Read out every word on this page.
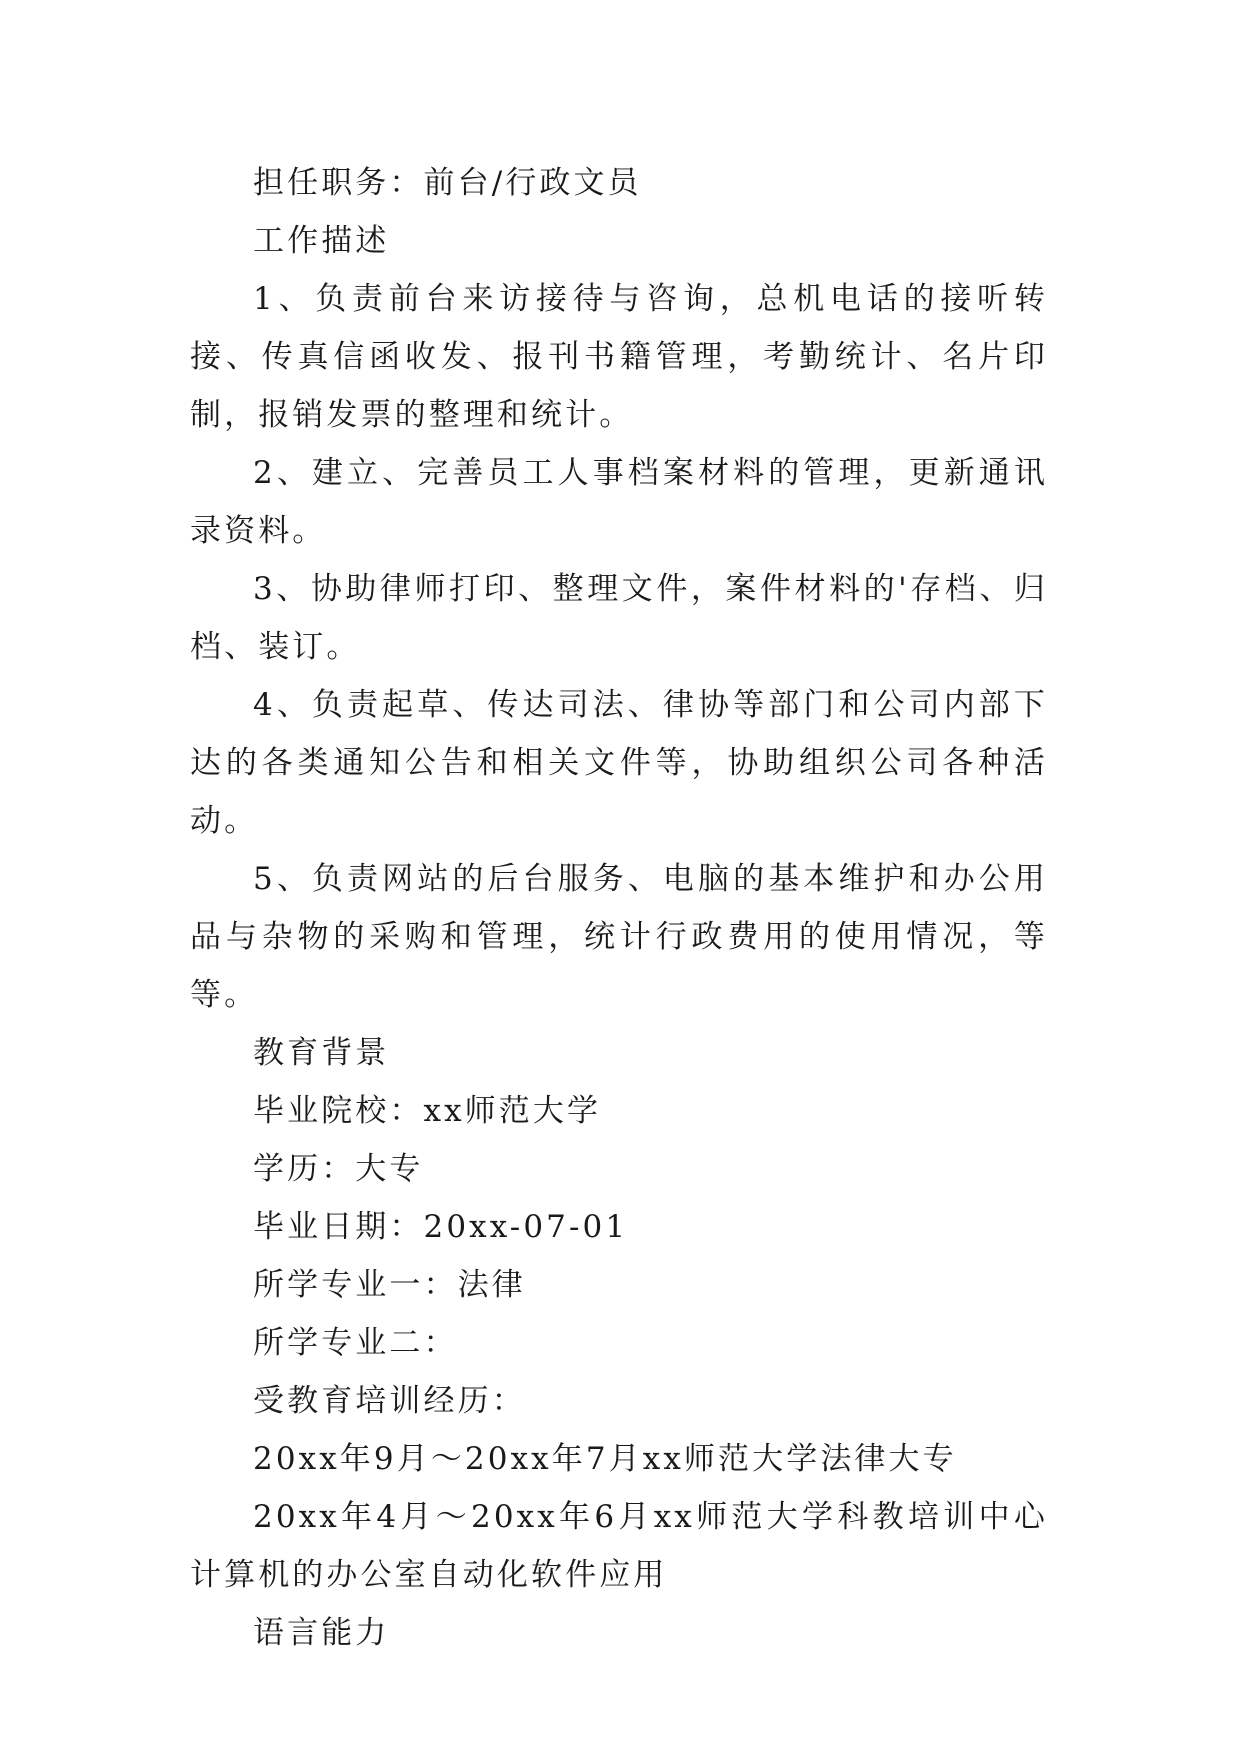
担任职务：前台/行政文员

工作描述

1、负责前台来访接待与咨询，总机电话的接听转接、传真信函收发、报刊书籍管理，考勤统计、名片印制，报销发票的整理和统计。

2、建立、完善员工人事档案材料的管理，更新通讯录资料。

3、协助律师打印、整理文件，案件材料的'存档、归档、装订。

4、负责起草、传达司法、律协等部门和公司内部下达的各类通知公告和相关文件等，协助组织公司各种活动。

5、负责网站的后台服务、电脑的基本维护和办公用品与杂物的采购和管理，统计行政费用的使用情况，等等。

教育背景

毕业院校：xx师范大学

学历：大专

毕业日期：20xx-07-01

所学专业一：法律

所学专业二：

受教育培训经历：

20xx年9月～20xx年7月xx师范大学法律大专

20xx年4月～20xx年6月xx师范大学科教培训中心计算机的办公室自动化软件应用

语言能力
